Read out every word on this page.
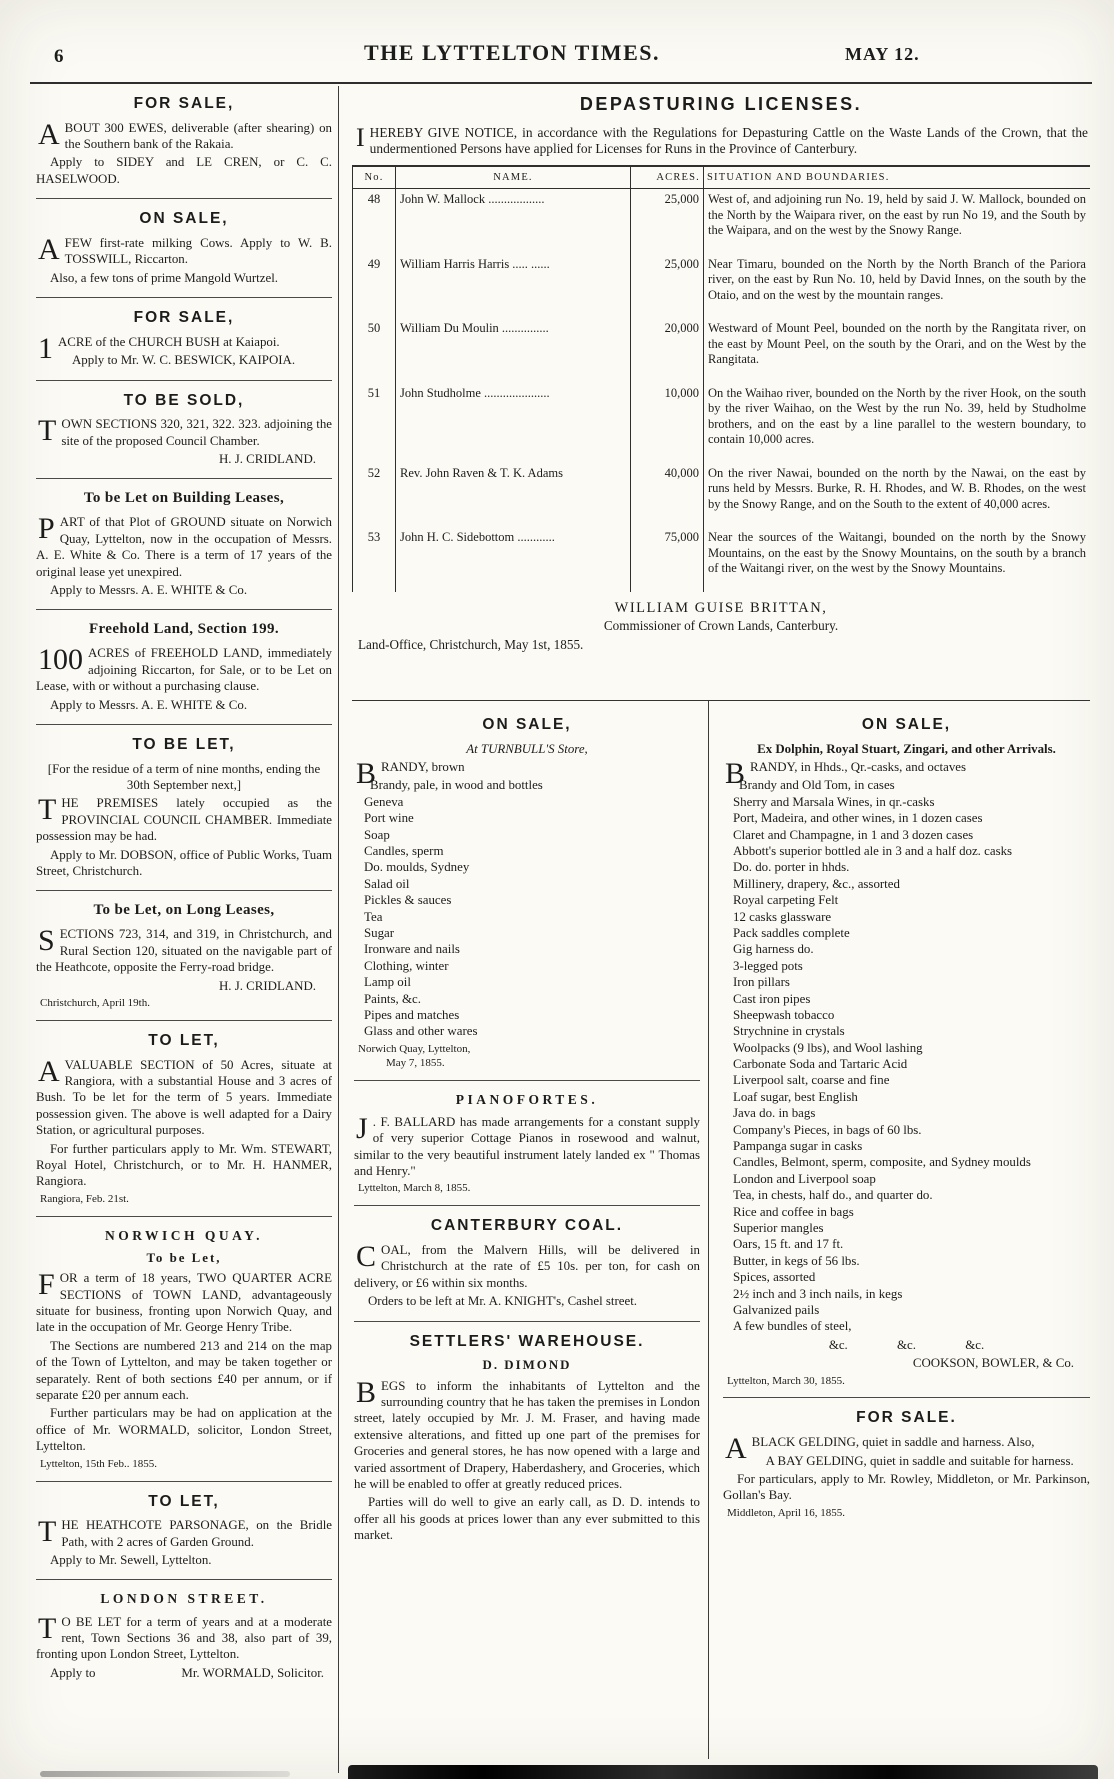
6	THE LYTTELTON TIMES.	MAY 12.
FOR SALE,

ABOUT 300 EWES, deliverable (after shearing) on the Southern bank of the Rakaia.

Apply to SIDEY and LE CREN, or C. C. HASELWOOD.

ON SALE,

AFEW first-rate milking Cows. Apply to W. B. TOSSWILL, Riccarton.

Also, a few tons of prime Mangold Wurtzel.

FOR SALE,

1 ACRE of the CHURCH BUSH at Kaiapoi.

Apply to Mr. W. C. BESWICK, KAIPOIA.

TO BE SOLD,

TOWN SECTIONS 320, 321, 322. 323. adjoining the site of the proposed Council Chamber.

H. J. CRIDLAND.

To be Let on Building Leases,

PART of that Plot of GROUND situate on Norwich Quay, Lyttelton, now in the occupation of Messrs. A. E. White & Co. There is a term of 17 years of the original lease yet unexpired.

Apply to Messrs. A. E. WHITE & Co.

Freehold Land, Section 199.

100 ACRES of FREEHOLD LAND, immediately adjoining Riccarton, for Sale, or to be Let on Lease, with or without a purchasing clause.

Apply to Messrs. A. E. WHITE & Co.

TO BE LET,

[For the residue of a term of nine months, ending the 30th September next,]

THE PREMISES lately occupied as the PROVINCIAL COUNCIL CHAMBER. Immediate possession may be had.

Apply to Mr. DOBSON, office of Public Works, Tuam Street, Christchurch.

To be Let, on Long Leases,

SECTIONS 723, 314, and 319, in Christchurch, and Rural Section 120, situated on the navigable part of the Heathcote, opposite the Ferry-road bridge.

H. J. CRIDLAND.

Christchurch, April 19th.

TO LET,

AVALUABLE SECTION of 50 Acres, situate at Rangiora, with a substantial House and 3 acres of Bush. To be let for the term of 5 years. Immediate possession given. The above is well adapted for a Dairy Station, or agricultural purposes.

For further particulars apply to Mr. Wm. STEWART, Royal Hotel, Christchurch, or to Mr. H. HANMER, Rangiora.

Rangiora, Feb. 21st.

NORWICH QUAY.

To be Let,

FOR a term of 18 years, TWO QUARTER ACRE SECTIONS of TOWN LAND, advantageously situate for business, fronting upon Norwich Quay, and late in the occupation of Mr. George Henry Tribe.

The Sections are numbered 213 and 214 on the map of the Town of Lyttelton, and may be taken together or separately. Rent of both sections £40 per annum, or if separate £20 per annum each.

Further particulars may be had on application at the office of Mr. WORMALD, solicitor, London Street, Lyttelton.

Lyttelton, 15th Feb.. 1855.

TO LET,

THE HEATHCOTE PARSONAGE, on the Bridle Path, with 2 acres of Garden Ground.

Apply to Mr. Sewell, Lyttelton.

LONDON STREET.

T O BE LET for a term of years and at a moderate rent, Town Sections 36 and 38, also part of 39, fronting upon London Street, Lyttelton.

Apply to	Mr. WORMALD, Solicitor.
DEPASTURING LICENSES.

I HEREBY GIVE NOTICE, in accordance with the Regulations for Depasturing Cattle on the Waste Lands of the Crown, that the undermentioned Persons have applied for Licenses for Runs in the Province of Canterbury.

No.	NAME.	ACRES.	SITUATION AND BOUNDARIES.
48	John W. Mallock ..................	25,000	West of, and adjoining run No. 19, held by said J. W. Mallock, bounded on the North by the Waipara river, on the east by run No 19, and the South by the Waipara, and on the west by the Snowy Range.
49	William Harris Harris ..... ......	25,000	Near Timaru, bounded on the North by the North Branch of the Pariora river, on the east by Run No. 10, held by David Innes, on the south by the Otaio, and on the west by the mountain ranges.
50	William Du Moulin ...............	20,000	Westward of Mount Peel, bounded on the north by the Rangitata river, on the east by Mount Peel, on the south by the Orari, and on the West by the Rangitata.
51	John Studholme .....................	10,000	On the Waihao river, bounded on the North by the river Hook, on the south by the river Waihao, on the West by the run No. 39, held by Studholme brothers, and on the east by a line parallel to the western boundary, to contain 10,000 acres.
52	Rev. John Raven & T. K. Adams	40,000	On the river Nawai, bounded on the north by the Nawai, on the east by runs held by Messrs. Burke, R. H. Rhodes, and W. B. Rhodes, on the west by the Snowy Range, and on the South to the extent of 40,000 acres.
53	John H. C. Sidebottom ............	75,000	Near the sources of the Waitangi, bounded on the north by the Snowy Mountains, on the east by the Snowy Mountains, on the south by a branch of the Waitangi river, on the west by the Snowy Mountains.

WILLIAM GUISE BRITTAN,

Commissioner of Crown Lands, Canterbury.

Land-Office, Christchurch, May 1st, 1855.

ON SALE,

At TURNBULL'S Store,

BRANDY, brown

Brandy, pale, in wood and bottles
Geneva
Port wine
Soap
Candles, sperm
Do. moulds, Sydney
Salad oil
Pickles & sauces
Tea
Sugar
Ironware and nails
Clothing, winter
Lamp oil
Paints, &c.
Pipes and matches
Glass and other wares

Norwich Quay, Lyttelton,

May 7, 1855.

PIANOFORTES.

J . F. BALLARD has made arrangements for a constant supply of very superior Cottage Pianos in rosewood and walnut, similar to the very beautiful instrument lately landed ex " Thomas and Henry."

Lyttelton, March 8, 1855.

CANTERBURY COAL.

COAL, from the Malvern Hills, will be delivered in Christchurch at the rate of £5 10s. per ton, for cash on delivery, or £6 within six months.

Orders to be left at Mr. A. KNIGHT's, Cashel street.

SETTLERS' WAREHOUSE.

D. DIMOND

BEGS to inform the inhabitants of Lyttelton and the surrounding country that he has taken the premises in London street, lately occupied by Mr. J. M. Fraser, and having made extensive alterations, and fitted up one part of the premises for Groceries and general stores, he has now opened with a large and varied assortment of Drapery, Haberdashery, and Groceries, which he will be enabled to offer at greatly reduced prices.

Parties will do well to give an early call, as D. D. intends to offer all his goods at prices lower than any ever submitted to this market.

ON SALE,

Ex Dolphin, Royal Stuart, Zingari, and other Arrivals.

BRANDY, in Hhds., Qr.-casks, and octaves

Brandy and Old Tom, in cases
Sherry and Marsala Wines, in qr.-casks
Port, Madeira, and other wines, in 1 dozen cases
Claret and Champagne, in 1 and 3 dozen cases
Abbott's superior bottled ale in 3 and a half doz. casks
Do. do. porter in hhds.
Millinery, drapery, &c., assorted
Royal carpeting Felt
12 casks glassware
Pack saddles complete
Gig harness do.
3-legged pots
Iron pillars
Cast iron pipes
Sheepwash tobacco
Strychnine in crystals
Woolpacks (9 lbs), and Wool lashing
Carbonate Soda and Tartaric Acid
Liverpool salt, coarse and fine
Loaf sugar, best English
Java do. in bags
Company's Pieces, in bags of 60 lbs.
Pampanga sugar in casks
Candles, Belmont, sperm, composite, and Sydney moulds
London and Liverpool soap
Tea, in chests, half do., and quarter do.
Rice and coffee in bags
Superior mangles
Oars, 15 ft. and 17 ft.
Butter, in kegs of 56 lbs.
Spices, assorted
2½ inch and 3 inch nails, in kegs
Galvanized pails
A few bundles of steel,

&c. &c. &c.

COOKSON, BOWLER, & Co.

Lyttelton, March 30, 1855.

FOR SALE.

ABLACK GELDING, quiet in saddle and harness. Also,

A BAY GELDING, quiet in saddle and suitable for harness.

For particulars, apply to Mr. Rowley, Middleton, or Mr. Parkinson, Gollan's Bay.

Middleton, April 16, 1855.
